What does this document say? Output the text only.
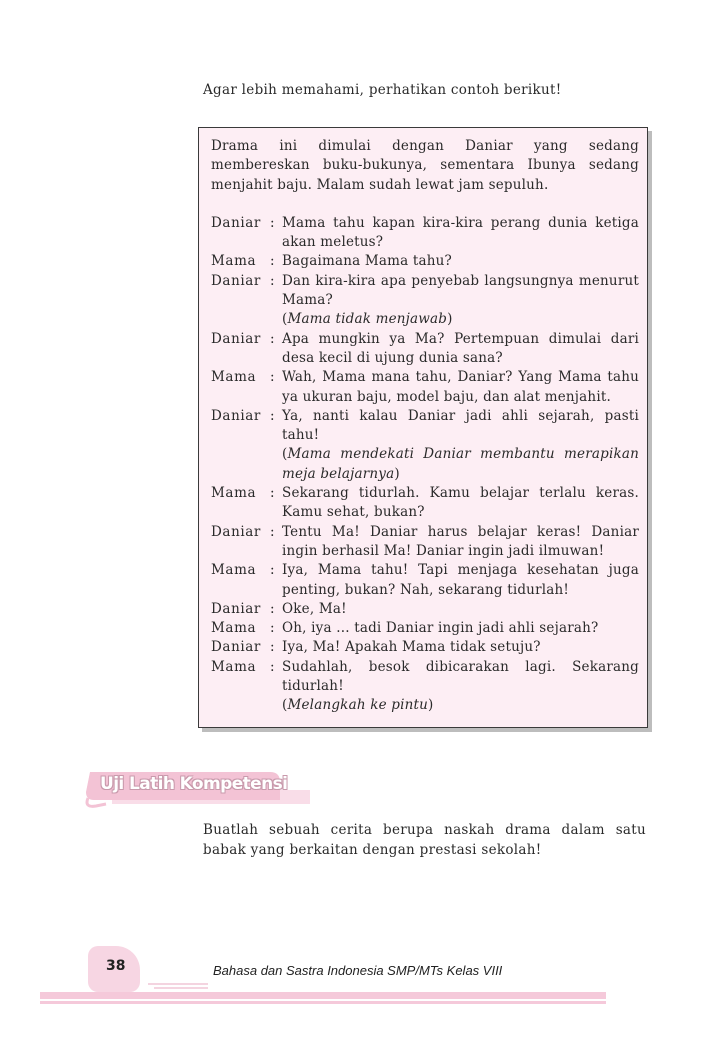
Agar lebih memahami, perhatikan contoh berikut!
Drama ini dimulai dengan Daniar yang sedang membereskan buku-bukunya, sementara Ibunya sedang menjahit baju. Malam sudah lewat jam sepuluh.
Daniar : Mama tahu kapan kira-kira perang dunia ketiga akan meletus?
Mama	: Bagaimana Mama tahu?
Daniar : Dan kira-kira apa penyebab langsungnya menurut Mama?
(Mama tidak menjawab)
Daniar : Apa mungkin ya Ma? Pertempuan dimulai dari desa kecil di ujung dunia sana?
Mama	: Wah, Mama mana tahu, Daniar? Yang Mama tahu ya ukuran baju, model baju, dan alat menjahit.
Daniar : Ya, nanti kalau Daniar jadi ahli sejarah, pasti tahu!
(Mama mendekati Daniar membantu merapikan meja belajarnya)
Mama	: Sekarang tidurlah. Kamu belajar terlalu keras. Kamu sehat, bukan?
Daniar : Tentu Ma! Daniar harus belajar keras! Daniar ingin berhasil Ma! Daniar ingin jadi ilmuwan!
Mama	: Iya, Mama tahu! Tapi menjaga kesehatan juga penting, bukan? Nah, sekarang tidurlah!
Daniar : Oke, Ma!
Mama	: Oh, iya ... tadi Daniar ingin jadi ahli sejarah?
Daniar : Iya, Ma! Apakah Mama tidak setuju?
Mama	: Sudahlah, besok dibicarakan lagi. Sekarang tidurlah!
(Melangkah ke pintu)
Uji Latih Kompetensi
Buatlah sebuah cerita berupa naskah drama dalam satu babak yang berkaitan dengan prestasi sekolah!
38	Bahasa dan Sastra Indonesia SMP/MTs Kelas VIII
